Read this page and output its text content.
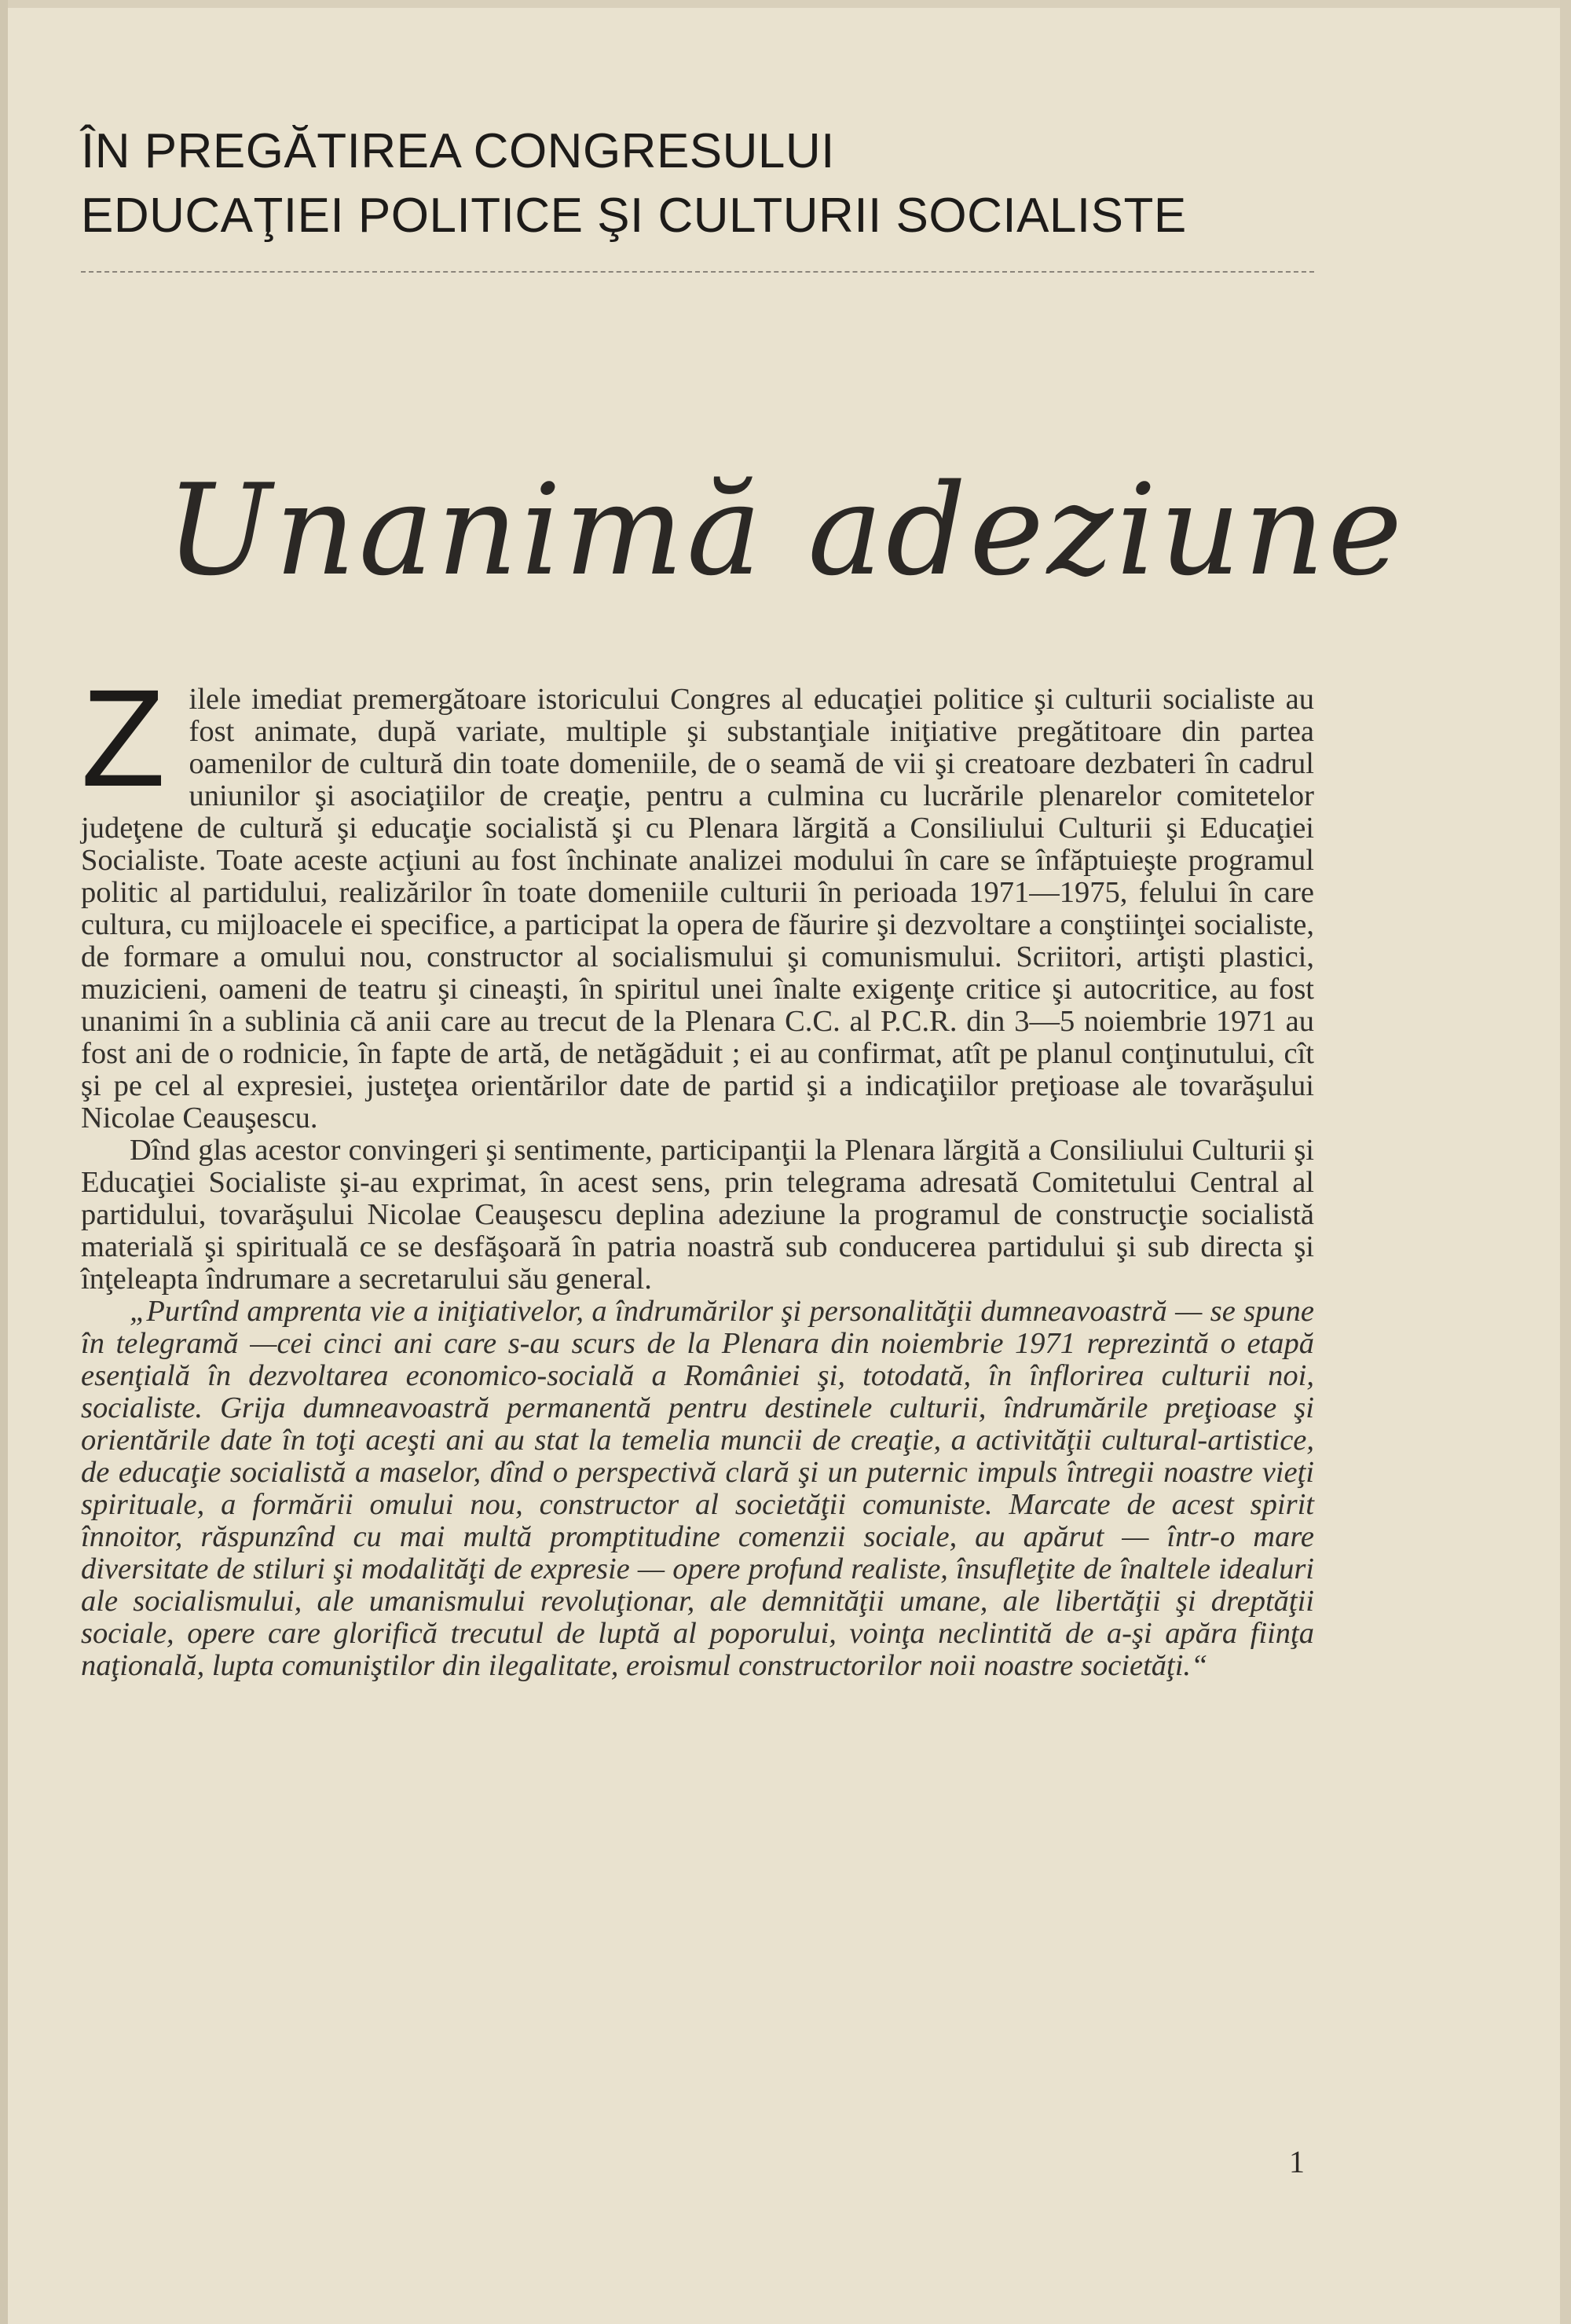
ÎN PREGĂTIREA CONGRESULUI
EDUCAŢIEI POLITICE ŞI CULTURII SOCIALISTE
Unanimă adeziune

Zilele imediat premergătoare istoricului Congres al educaţiei politice şi culturii socialiste au fost animate, după variate, multiple şi substanţiale iniţiative pregătitoare din partea oamenilor de cultură din toate domeniile, de o seamă de vii şi creatoare dezbateri în cadrul uniunilor şi asociaţiilor de creaţie, pentru a culmina cu lucrările plenarelor comitetelor judeţene de cultură şi educaţie socialistă şi cu Plenara lărgită a Consiliului Culturii şi Educaţiei Socialiste. Toate aceste acţiuni au fost închinate analizei modului în care se înfăptuieşte programul politic al partidului, realizărilor în toate domeniile culturii în perioada 1971—1975, felului în care cultura, cu mijloacele ei specifice, a participat la opera de făurire şi dezvoltare a conştiinţei socialiste, de formare a omului nou, constructor al socialismului şi comunismului. Scriitori, artişti plastici, muzicieni, oameni de teatru şi cineaşti, în spiritul unei înalte exigenţe critice şi autocritice, au fost unanimi în a sublinia că anii care au trecut de la Plenara C.C. al P.C.R. din 3—5 noiembrie 1971 au fost ani de o rodnicie, în fapte de artă, de netăgăduit ; ei au confirmat, atît pe planul conţinutului, cît şi pe cel al expresiei, justeţea orientărilor date de partid şi a indicaţiilor preţioase ale tovarăşului Nicolae Ceauşescu.

Dînd glas acestor convingeri şi sentimente, participanţii la Plenara lărgită a Consiliului Culturii şi Educaţiei Socialiste şi-au exprimat, în acest sens, prin telegrama adresată Comitetului Central al partidului, tovarăşului Nicolae Ceauşescu deplina adeziune la programul de construcţie socialistă materială şi spirituală ce se desfăşoară în patria noastră sub conducerea partidului şi sub directa şi înţeleapta îndrumare a secretarului său general.

„Purtînd amprenta vie a iniţiativelor, a îndrumărilor şi personalităţii dumneavoastră — se spune în telegramă —cei cinci ani care s-au scurs de la Plenara din noiembrie 1971 reprezintă o etapă esenţială în dezvoltarea economico-socială a României şi, totodată, în înflorirea culturii noi, socialiste. Grija dumneavoastră permanentă pentru destinele culturii, îndrumările preţioase şi orientările date în toţi aceşti ani au stat la temelia muncii de creaţie, a activităţii cultural-artistice, de educaţie socialistă a maselor, dînd o perspectivă clară şi un puternic impuls întregii noastre vieţi spirituale, a formării omului nou, constructor al societăţii comuniste. Marcate de acest spirit înnoitor, răspunzînd cu mai multă promptitudine comenzii sociale, au apărut — într-o mare diversitate de stiluri şi modalităţi de expresie — opere profund realiste, însufleţite de înaltele idealuri ale socialismului, ale umanismului revoluţionar, ale demnităţii umane, ale libertăţii şi dreptăţii sociale, opere care glorifică trecutul de luptă al poporului, voinţa neclintită de a-şi apăra fiinţa naţională, lupta comuniştilor din ilegalitate, eroismul constructorilor noii noastre societăţi.“

1
